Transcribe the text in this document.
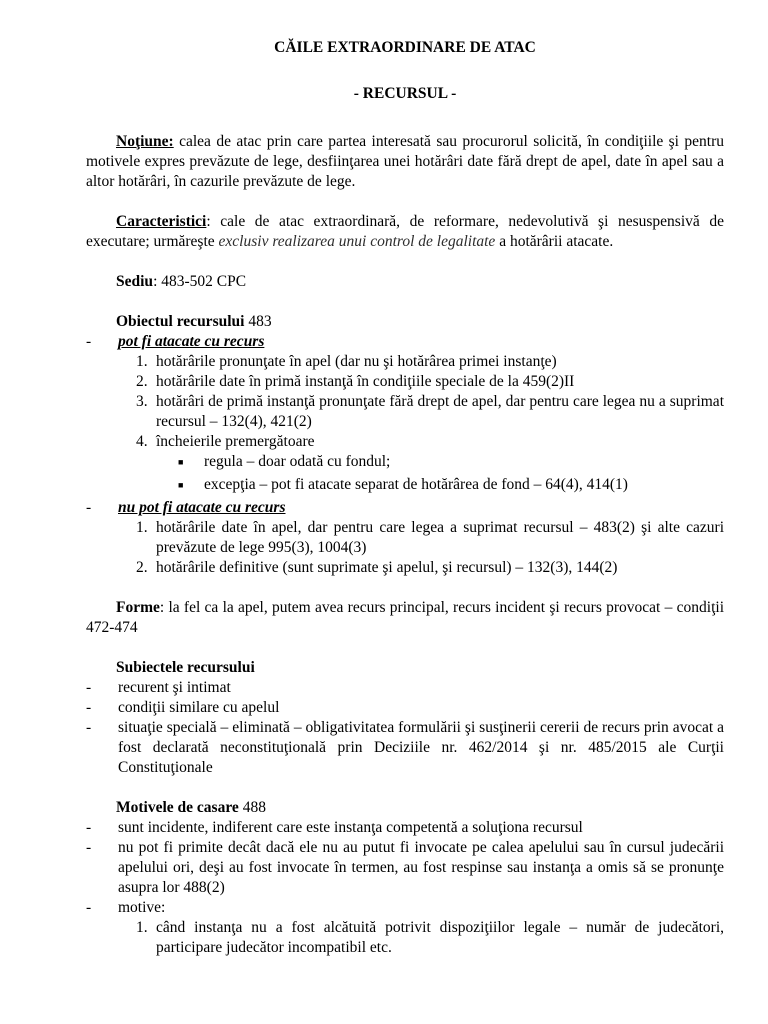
CĂILE EXTRAORDINARE DE ATAC

- RECURSUL -

Noţiune: calea de atac prin care partea interesată sau procurorul solicită, în condiţiile şi pentru motivele expres prevăzute de lege, desfiinţarea unei hotărâri date fără drept de apel, date în apel sau a altor hotărâri, în cazurile prevăzute de lege.

Caracteristici: cale de atac extraordinară, de reformare, nedevolutivă şi nesuspensivă de executare; urmăreşte exclusiv realizarea unui control de legalitate a hotărârii atacate.

Sediu: 483-502 CPC

Obiectul recursului 483

-	pot fi atacate cu recurs
1. hotărârile pronunţate în apel (dar nu şi hotărârea primei instanţe)
2. hotărârile date în primă instanţă în condiţiile speciale de la 459(2)II
3. hotărâri de primă instanţă pronunţate fără drept de apel, dar pentru care legea nu a suprimat recursul – 132(4), 421(2)
4. încheierile premergătoare
■	regula – doar odată cu fondul;
■	excepţia – pot fi atacate separat de hotărârea de fond – 64(4), 414(1)
-	nu pot fi atacate cu recurs
1. hotărârile date în apel, dar pentru care legea a suprimat recursul – 483(2) şi alte cazuri prevăzute de lege 995(3), 1004(3)
2. hotărârile definitive (sunt suprimate şi apelul, şi recursul) – 132(3), 144(2)

Forme: la fel ca la apel, putem avea recurs principal, recurs incident şi recurs provocat – condiţii 472-474

Subiectele recursului

-	recurent şi intimat
-	condiţii similare cu apelul
-	situaţie specială – eliminată – obligativitatea formulării şi susţinerii cererii de recurs prin avocat a fost declarată neconstituţională prin Deciziile nr. 462/2014 şi nr. 485/2015 ale Curţii Constituţionale

Motivele de casare 488

-	sunt incidente, indiferent care este instanţa competentă a soluţiona recursul
-	nu pot fi primite decât dacă ele nu au putut fi invocate pe calea apelului sau în cursul judecării apelului ori, deşi au fost invocate în termen, au fost respinse sau instanţa a omis să se pronunţe asupra lor 488(2)
-	motive:
1. când instanţa nu a fost alcătuită potrivit dispoziţiilor legale – număr de judecători, participare judecător incompatibil etc.
